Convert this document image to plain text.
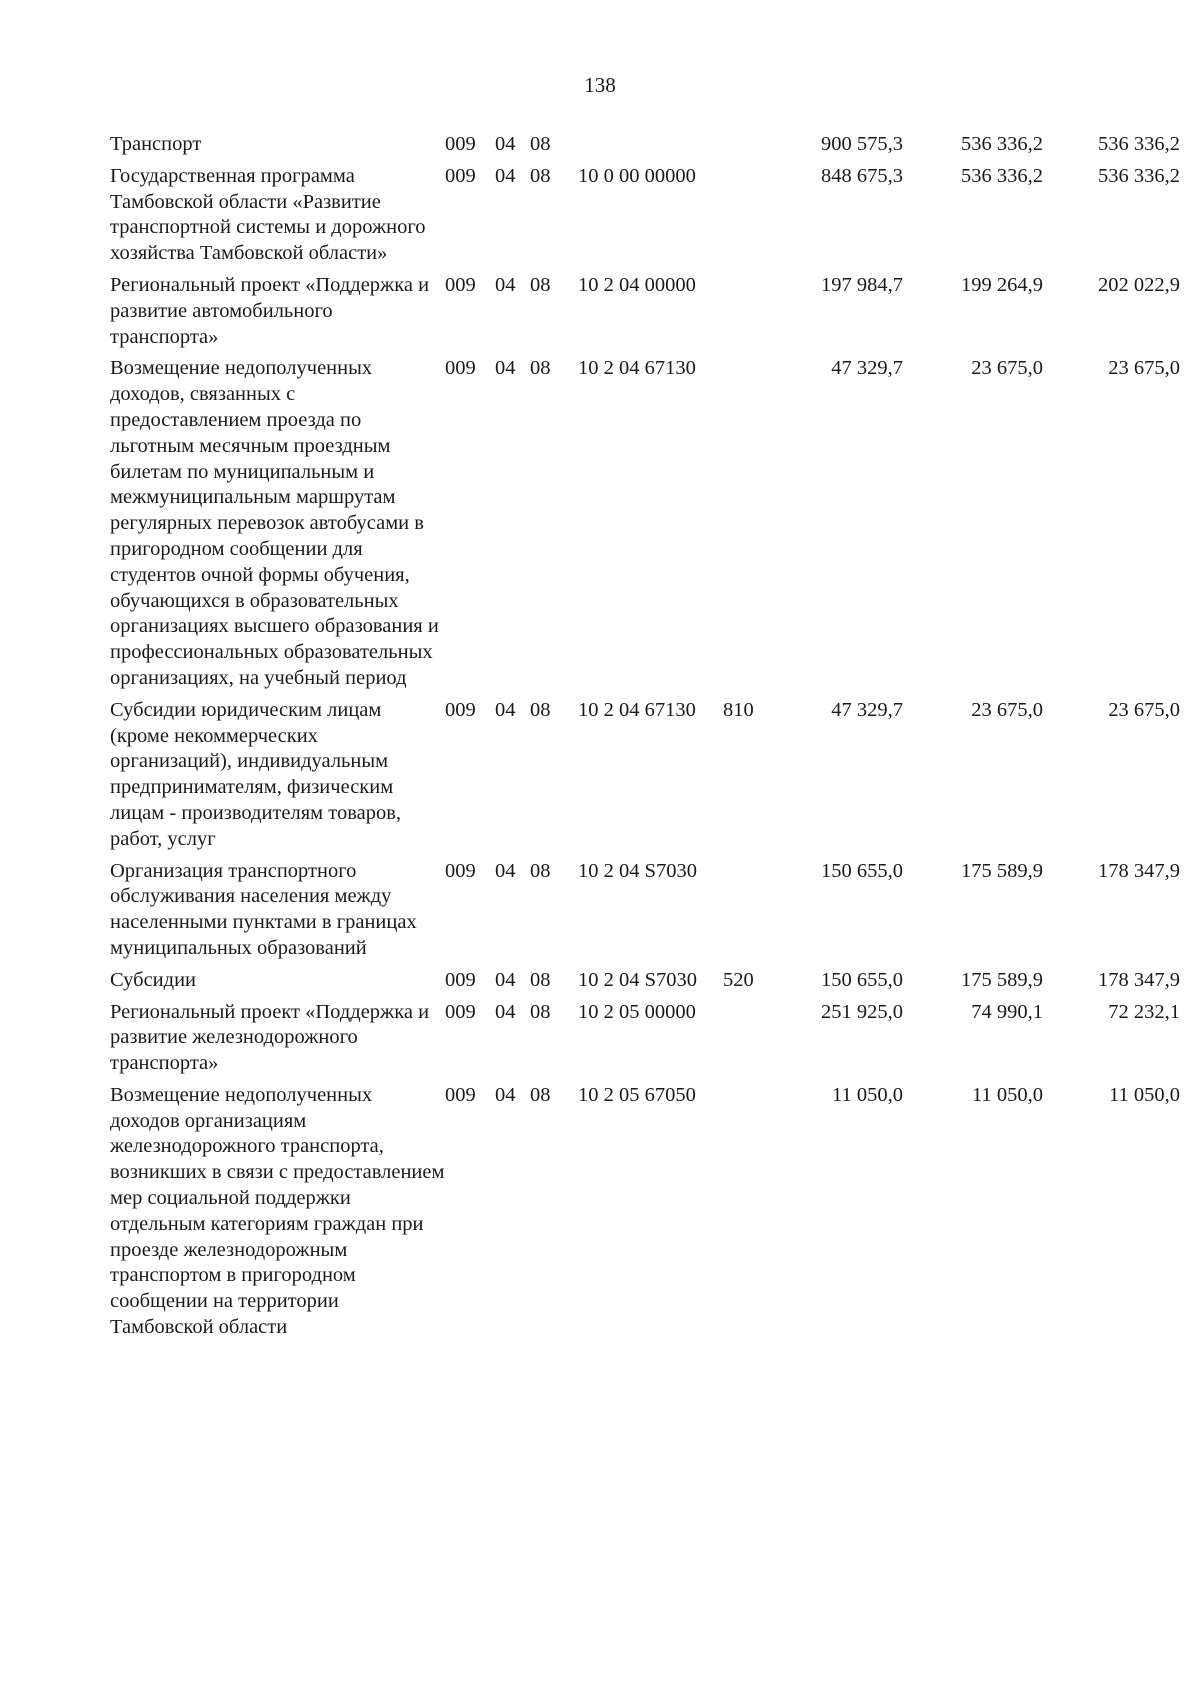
138
Транспорт	009	04	08			900 575,3	536 336,2	536 336,2
Государственная программа Тамбовской области «Развитие транспортной системы и дорожного хозяйства Тамбовской области»	009	04	08	10 0 00 00000		848 675,3	536 336,2	536 336,2
Региональный проект «Поддержка и развитие автомобильного транспорта»	009	04	08	10 2 04 00000		197 984,7	199 264,9	202 022,9
Возмещение недополученных доходов, связанных с предоставлением проезда по льготным месячным проездным билетам по муниципальным и межмуниципальным маршрутам регулярных перевозок автобусами в пригородном сообщении для студентов очной формы обучения, обучающихся в образовательных организациях высшего образования и профессиональных образовательных организациях, на учебный период	009	04	08	10 2 04 67130		47 329,7	23 675,0	23 675,0
Субсидии юридическим лицам (кроме некоммерческих организаций), индивидуальным предпринимателям, физическим лицам - производителям товаров, работ, услуг	009	04	08	10 2 04 67130	810	47 329,7	23 675,0	23 675,0
Организация транспортного обслуживания населения между населенными пунктами в границах муниципальных образований	009	04	08	10 2 04 S7030		150 655,0	175 589,9	178 347,9
Субсидии	009	04	08	10 2 04 S7030	520	150 655,0	175 589,9	178 347,9
Региональный проект «Поддержка и развитие железнодорожного транспорта»	009	04	08	10 2 05 00000		251 925,0	74 990,1	72 232,1
Возмещение недополученных доходов организациям железнодорожного транспорта, возникших в связи с предоставлением мер социальной поддержки отдельным категориям граждан при проезде железнодорожным транспортом в пригородном сообщении на территории Тамбовской области	009	04	08	10 2 05 67050		11 050,0	11 050,0	11 050,0
